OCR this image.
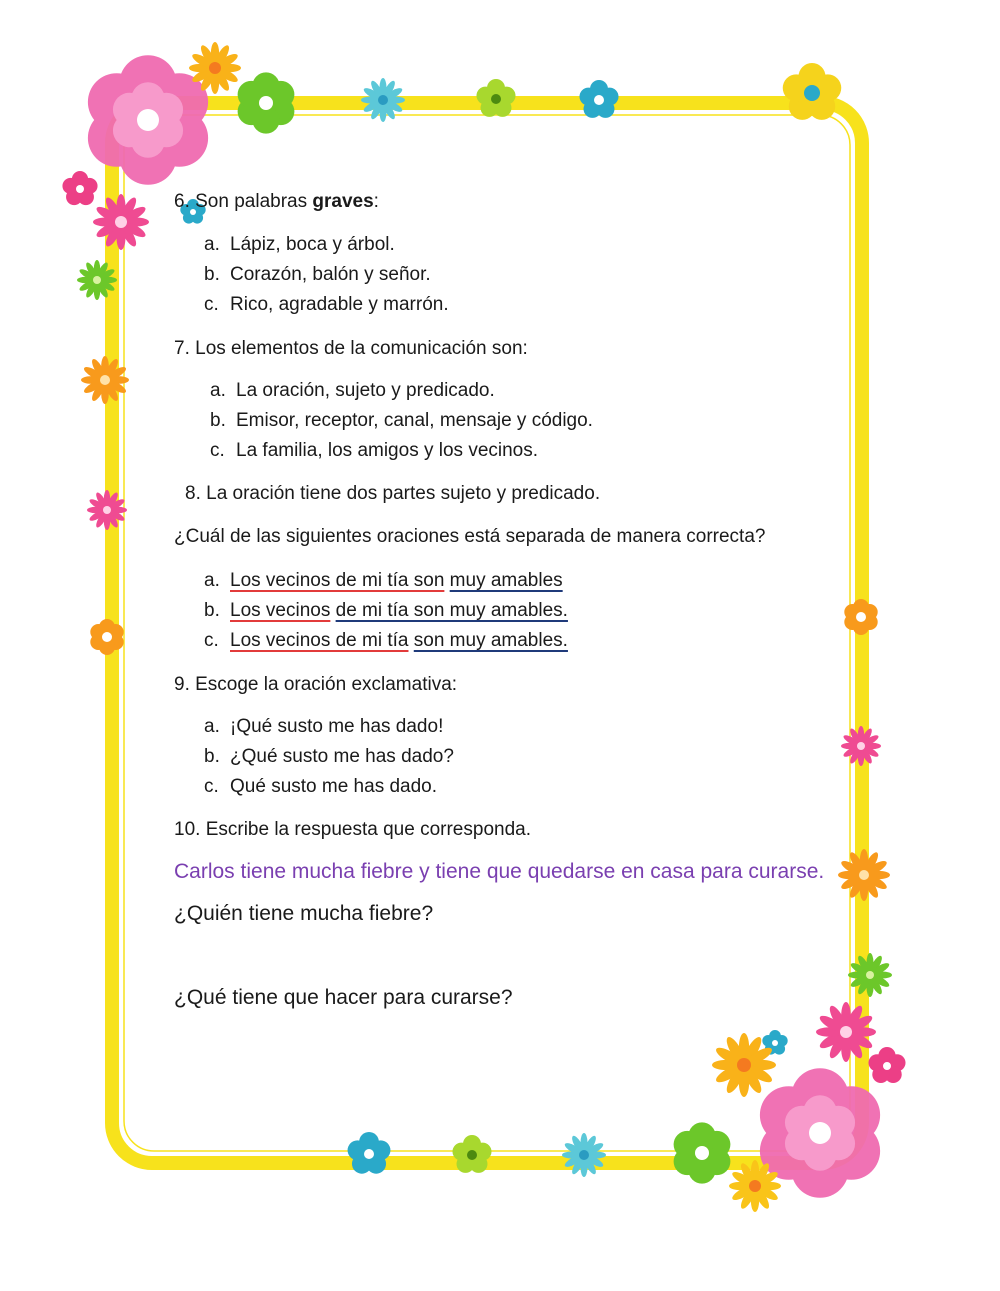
6. Son palabras graves:
a. Lápiz, boca y árbol.
b. Corazón, balón y señor.
c. Rico, agradable y marrón.
7. Los elementos de la comunicación son:
a. La oración, sujeto y predicado.
b. Emisor, receptor, canal, mensaje y código.
c. La familia, los amigos y los vecinos.
8. La oración tiene dos partes sujeto y predicado.
¿Cuál de las siguientes oraciones está separada de manera correcta?
a. Los vecinos de mi tía son muy amables
b. Los vecinos de mi tía son muy amables.
c. Los vecinos de mi tía son muy amables.
9. Escoge la oración exclamativa:
a. ¡Qué susto me has dado!
b. ¿Qué susto me has dado?
c. Qué susto me has dado.
10. Escribe la respuesta que corresponda.
Carlos tiene mucha fiebre y tiene que quedarse en casa para curarse.
¿Quién tiene mucha fiebre?
¿Qué tiene que hacer para curarse?
